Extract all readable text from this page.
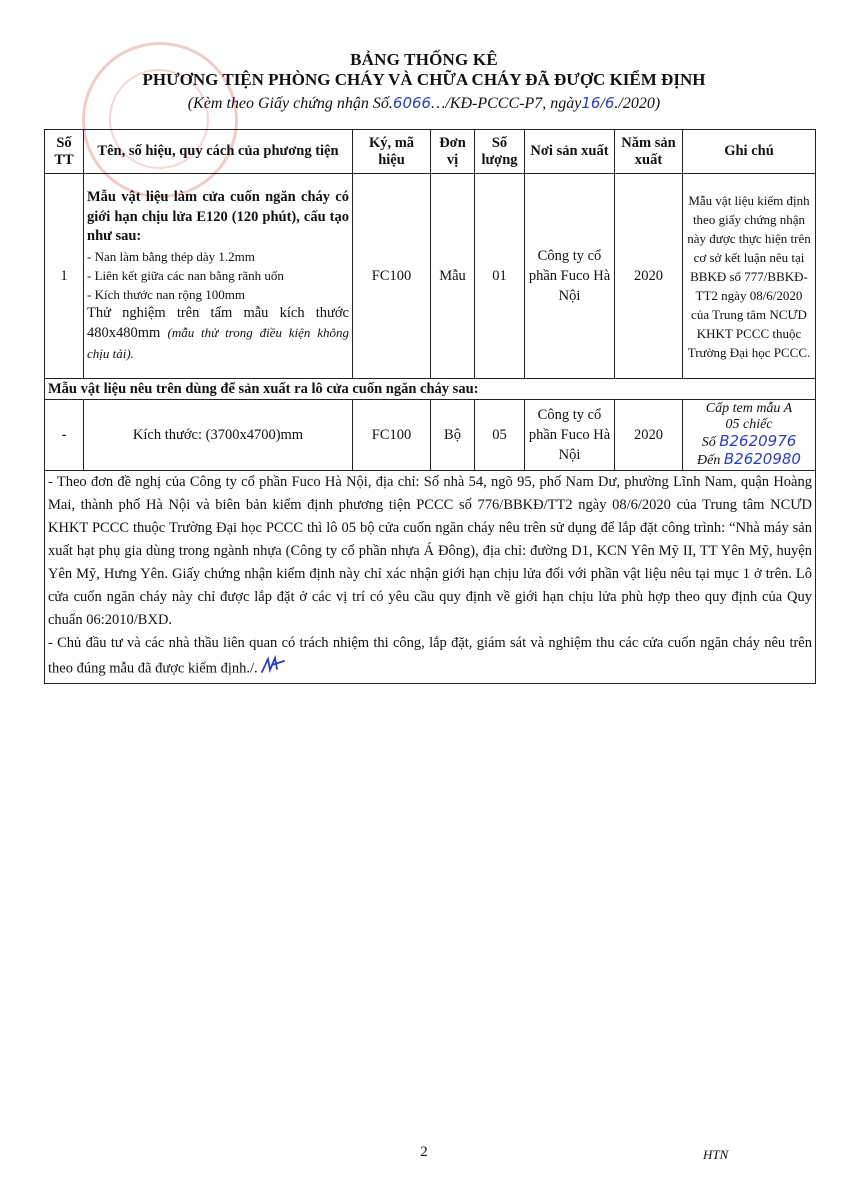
BẢNG THỐNG KÊ
PHƯƠNG TIỆN PHÒNG CHÁY VÀ CHỮA CHÁY ĐÃ ĐƯỢC KIỂM ĐỊNH
(Kèm theo Giấy chứng nhận Số.6066…/KĐ-PCCC-P7, ngày16/6./2020)
Số TT	Tên, số hiệu, quy cách của phương tiện	Ký, mã hiệu	Đơn vị	Số lượng	Nơi sản xuất	Năm sản xuất	Ghi chú
1	Mẫu vật liệu làm cửa cuốn ngăn cháy có giới hạn chịu lửa E120 (120 phút), cấu tạo như sau:
- Nan làm bằng thép dày 1.2mm
- Liên kết giữa các nan bằng rãnh uốn
- Kích thước nan rộng 100mm
Thử nghiệm trên tấm mẫu kích thước 480x480mm (mẫu thử trong điều kiện không chịu tải).	FC100	Mẫu	01	Công ty cổ phần Fuco Hà Nội	2020	Mẫu vật liệu kiểm định theo giấy chứng nhận này được thực hiện trên cơ sở kết luận nêu tại BBKĐ số 777/BBKĐ-TT2 ngày 08/6/2020 của Trung tâm NCƯD KHKT PCCC thuộc Trường Đại học PCCC.
Mẫu vật liệu nêu trên dùng để sản xuất ra lô cửa cuốn ngăn cháy sau:							
-	Kích thước: (3700x4700)mm	FC100	Bộ	05	Công ty cổ phần Fuco Hà Nội	2020	Cấp tem mẫu A
05 chiếc
Số B2620976
Đến B2620980

- Theo đơn đề nghị của Công ty cổ phần Fuco Hà Nội, địa chỉ: Số nhà 54, ngõ 95, phố Nam Dư, phường Lĩnh Nam, quận Hoàng Mai, thành phố Hà Nội và biên bản kiểm định phương tiện PCCC số 776/BBKĐ/TT2 ngày 08/6/2020 của Trung tâm NCƯD KHKT PCCC thuộc Trường Đại học PCCC thì lô 05 bộ cửa cuốn ngăn cháy nêu trên sử dụng để lắp đặt công trình: “Nhà máy sản xuất hạt phụ gia dùng trong ngành nhựa (Công ty cổ phần nhựa Á Đông), địa chỉ: đường D1, KCN Yên Mỹ II, TT Yên Mỹ, huyện Yên Mỹ, Hưng Yên. Giấy chứng nhận kiểm định này chỉ xác nhận giới hạn chịu lửa đối với phần vật liệu nêu tại mục 1 ở trên. Lô cửa cuốn ngăn cháy này chỉ được lắp đặt ở các vị trí có yêu cầu quy định về giới hạn chịu lửa phù hợp theo quy định của Quy chuẩn 06:2010/BXD.

- Chủ đầu tư và các nhà thầu liên quan có trách nhiệm thi công, lắp đặt, giám sát và nghiệm thu các cửa cuốn ngăn cháy nêu trên theo đúng mẫu đã được kiểm định./.							

2	HTN
